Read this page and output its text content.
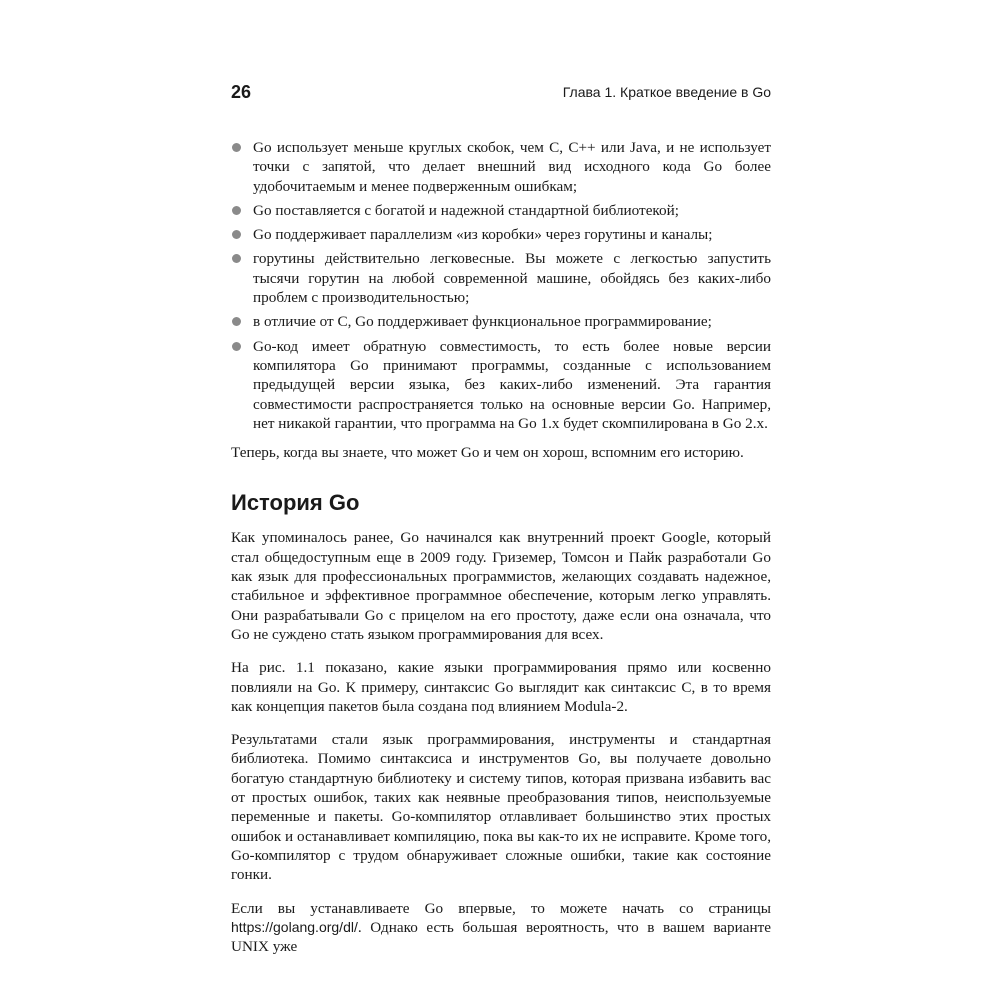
26	Глава 1. Краткое введение в Go
Go использует меньше круглых скобок, чем C, C++ или Java, и не использует точки с запятой, что делает внешний вид исходного кода Go более удобочитаемым и менее подверженным ошибкам;
Go поставляется с богатой и надежной стандартной библиотекой;
Go поддерживает параллелизм «из коробки» через горутины и каналы;
горутины действительно легковесные. Вы можете с легкостью запустить тысячи горутин на любой современной машине, обойдясь без каких-либо проблем с производительностью;
в отличие от C, Go поддерживает функциональное программирование;
Go-код имеет обратную совместимость, то есть более новые версии компилятора Go принимают программы, созданные с использованием предыдущей версии языка, без каких-либо изменений. Эта гарантия совместимости распространяется только на основные версии Go. Например, нет никакой гарантии, что программа на Go 1.x будет скомпилирована в Go 2.x.

Теперь, когда вы знаете, что может Go и чем он хорош, вспомним его историю.

История Go

Как упоминалось ранее, Go начинался как внутренний проект Google, который стал общедоступным еще в 2009 году. Гриземер, Томсон и Пайк разработали Go как язык для профессиональных программистов, желающих создавать надежное, стабильное и эффективное программное обеспечение, которым легко управлять. Они разрабатывали Go с прицелом на его простоту, даже если она означала, что Go не суждено стать языком программирования для всех.

На рис. 1.1 показано, какие языки программирования прямо или косвенно повлияли на Go. К примеру, синтаксис Go выглядит как синтаксис C, в то время как концепция пакетов была создана под влиянием Modula-2.

Результатами стали язык программирования, инструменты и стандартная библиотека. Помимо синтаксиса и инструментов Go, вы получаете довольно богатую стандартную библиотеку и систему типов, которая призвана избавить вас от простых ошибок, таких как неявные преобразования типов, неиспользуемые переменные и пакеты. Go-компилятор отлавливает большинство этих простых ошибок и останавливает компиляцию, пока вы как-то их не исправите. Кроме того, Go-компилятор с трудом обнаруживает сложные ошибки, такие как состояние гонки.

Если вы устанавливаете Go впервые, то можете начать со страницы https://golang.org/dl/. Однако есть большая вероятность, что в вашем варианте UNIX уже
